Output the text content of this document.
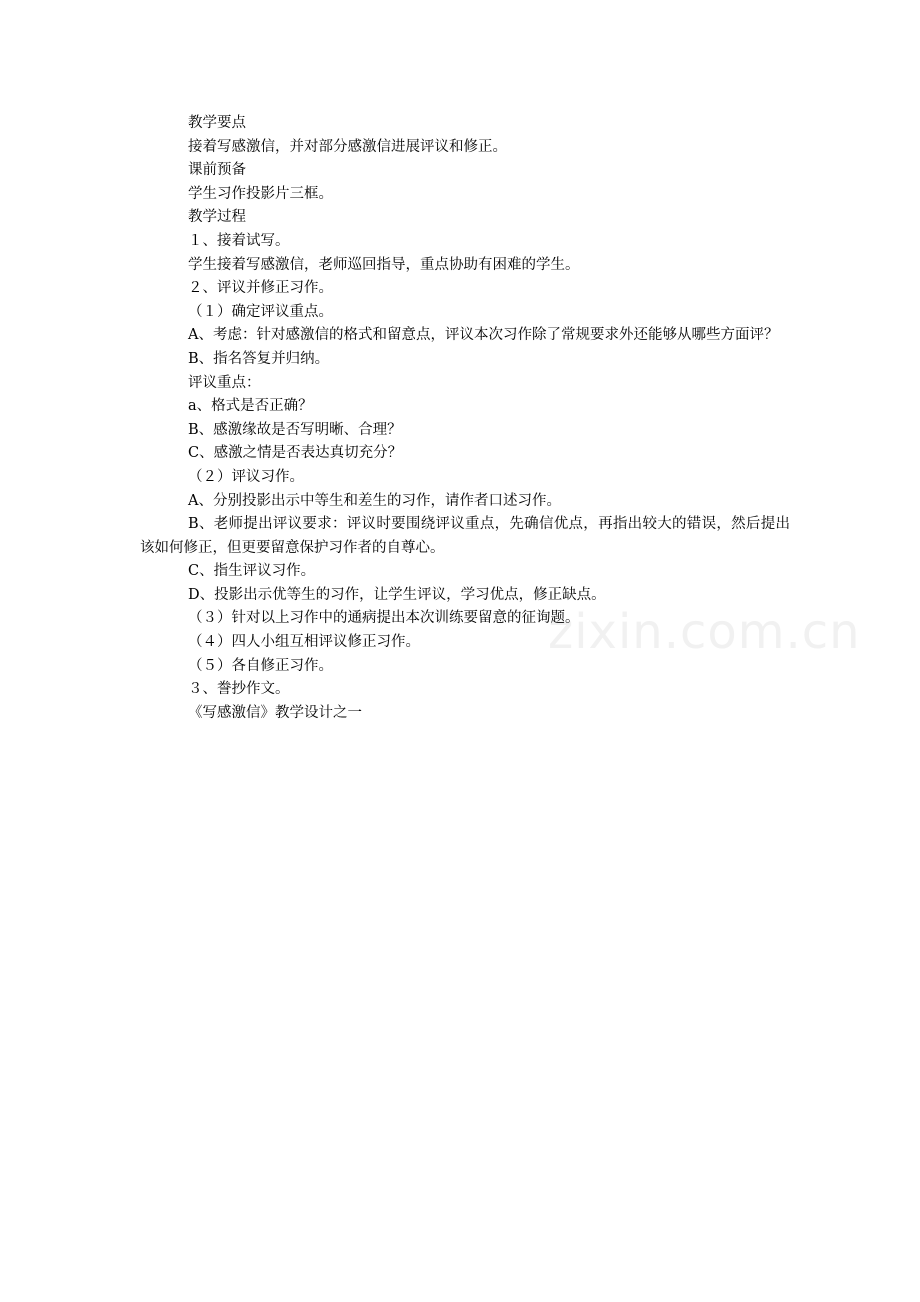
zixin.com.cn

教学要点

接着写感激信，并对部分感激信进展评议和修正。

课前预备

学生习作投影片三框。

教学过程

１、接着试写。

学生接着写感激信，老师巡回指导，重点协助有困难的学生。

２、评议并修正习作。

（１）确定评议重点。

A、考虑：针对感激信的格式和留意点，评议本次习作除了常规要求外还能够从哪些方面评？

B、指名答复并归纳。

评议重点：

a、格式是否正确？

B、感激缘故是否写明晰、合理？

C、感激之情是否表达真切充分？

（２）评议习作。

A、分别投影出示中等生和差生的习作，请作者口述习作。

B、老师提出评议要求：评议时要围绕评议重点，先确信优点，再指出较大的错误，然后提出该如何修正，但更要留意保护习作者的自尊心。

C、指生评议习作。

D、投影出示优等生的习作，让学生评议，学习优点，修正缺点。

（３）针对以上习作中的通病提出本次训练要留意的征询题。

（４）四人小组互相评议修正习作。

（５）各自修正习作。

３、誊抄作文。

《写感激信》教学设计之一
